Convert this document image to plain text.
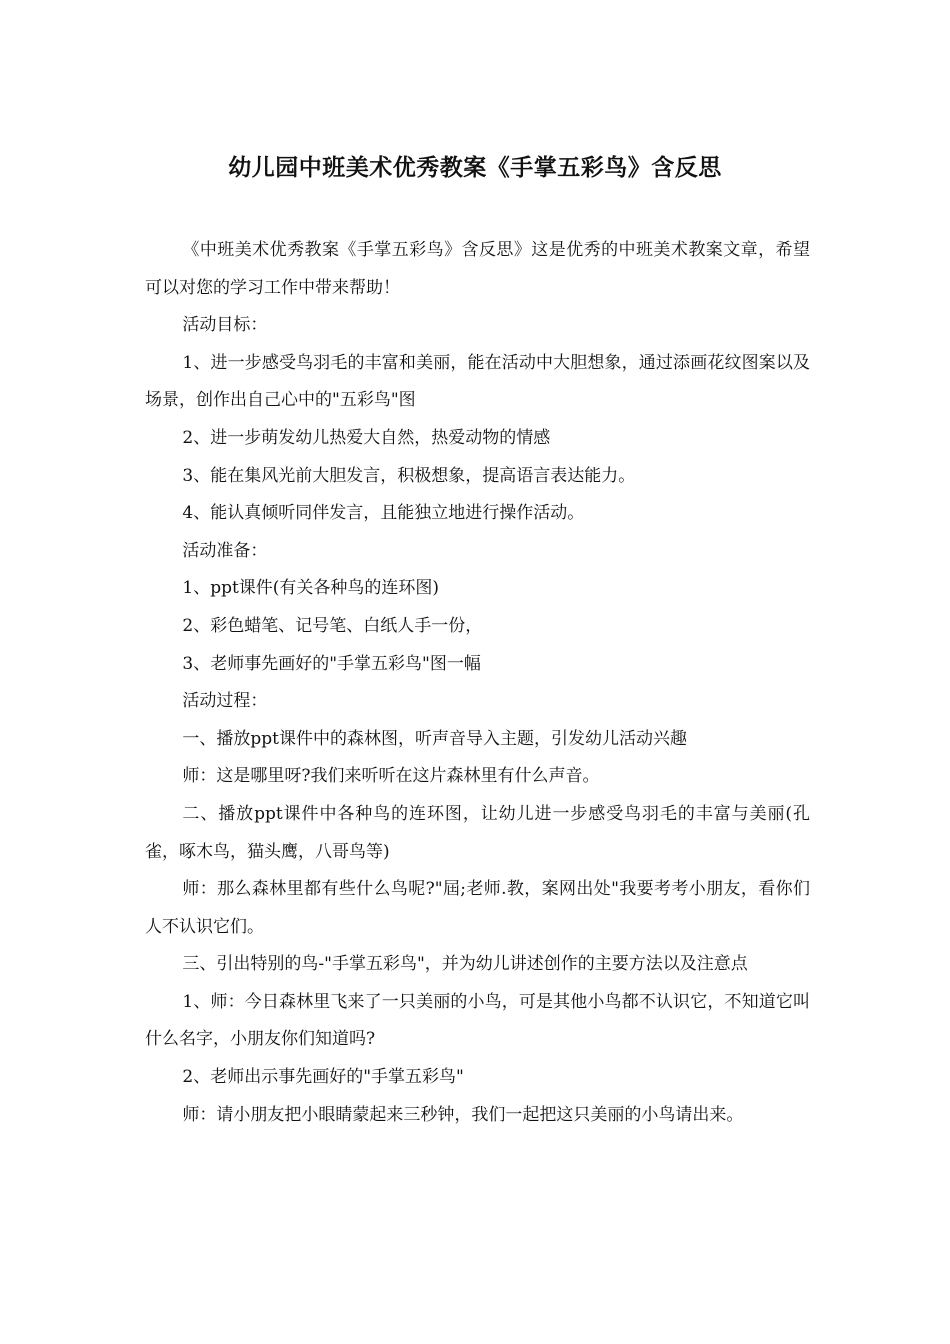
幼儿园中班美术优秀教案《手掌五彩鸟》含反思

《中班美术优秀教案《手掌五彩鸟》含反思》这是优秀的中班美术教案文章，希望可以对您的学习工作中带来帮助！

活动目标：

1、进一步感受鸟羽毛的丰富和美丽，能在活动中大胆想象，通过添画花纹图案以及场景，创作出自己心中的"五彩鸟"图

2、进一步萌发幼儿热爱大自然，热爱动物的情感

3、能在集风光前大胆发言，积极想象，提高语言表达能力。

4、能认真倾听同伴发言，且能独立地进行操作活动。

活动准备：

1、ppt课件(有关各种鸟的连环图)

2、彩色蜡笔、记号笔、白纸人手一份，

3、老师事先画好的"手掌五彩鸟"图一幅

活动过程：

一、播放ppt课件中的森林图，听声音导入主题，引发幼儿活动兴趣

师：这是哪里呀?我们来听听在这片森林里有什么声音。

二、播放ppt课件中各种鸟的连环图，让幼儿进一步感受鸟羽毛的丰富与美丽(孔雀，啄木鸟，猫头鹰，八哥鸟等)

师：那么森林里都有些什么鸟呢?"屆;老师.教，案网出处"我要考考小朋友，看你们人不认识它们。

三、引出特别的鸟-"手掌五彩鸟"，并为幼儿讲述创作的主要方法以及注意点

1、师：今日森林里飞来了一只美丽的小鸟，可是其他小鸟都不认识它，不知道它叫什么名字，小朋友你们知道吗?

2、老师出示事先画好的"手掌五彩鸟"

师：请小朋友把小眼睛蒙起来三秒钟，我们一起把这只美丽的小鸟请出来。
